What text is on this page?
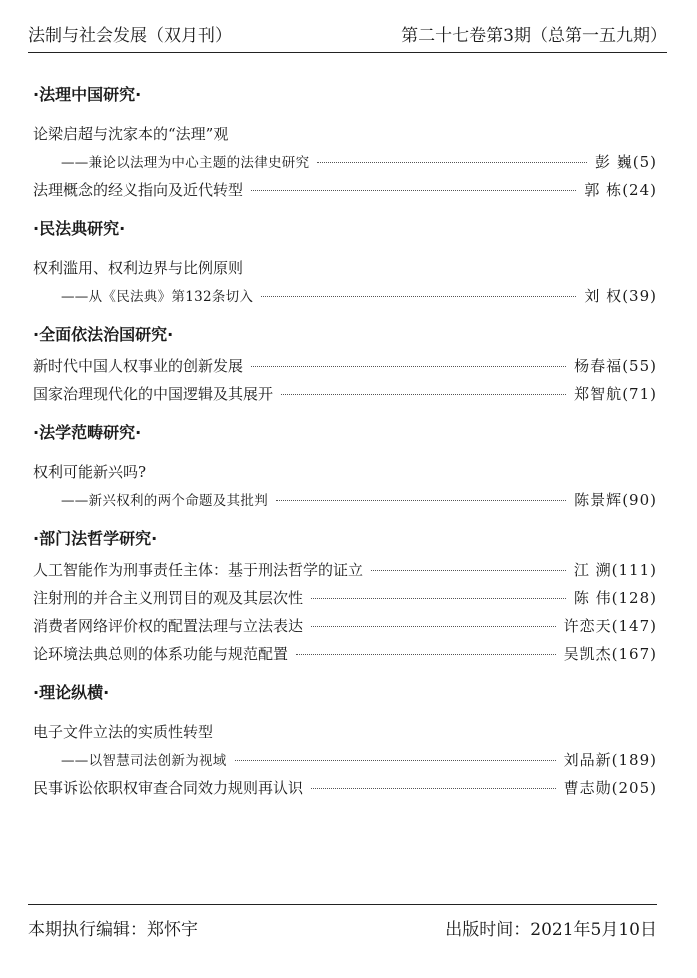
法制与社会发展（双月刊）	第二十七卷第3期（总第一五九期）
·法理中国研究·
论梁启超与沈家本的“法理”观
——兼论以法理为中心主题的法律史研究	彭 巍(5)
法理概念的经义指向及近代转型	郭 栋(24)
·民法典研究·
权利滥用、权利边界与比例原则
——从《民法典》第132条切入	刘 权(39)
·全面依法治国研究·
新时代中国人权事业的创新发展	杨春福(55)
国家治理现代化的中国逻辑及其展开	郑智航(71)
·法学范畴研究·
权利可能新兴吗?
——新兴权利的两个命题及其批判	陈景辉(90)
·部门法哲学研究·
人工智能作为刑事责任主体：基于刑法哲学的证立	江 溯(111)
注射刑的并合主义刑罚目的观及其层次性	陈 伟(128)
消费者网络评价权的配置法理与立法表达	许恋天(147)
论环境法典总则的体系功能与规范配置	吴凯杰(167)
·理论纵横·
电子文件立法的实质性转型
——以智慧司法创新为视域	刘品新(189)
民事诉讼依职权审查合同效力规则再认识	曹志勋(205)
本期执行编辑：郑怀宇	出版时间：2021年5月10日
